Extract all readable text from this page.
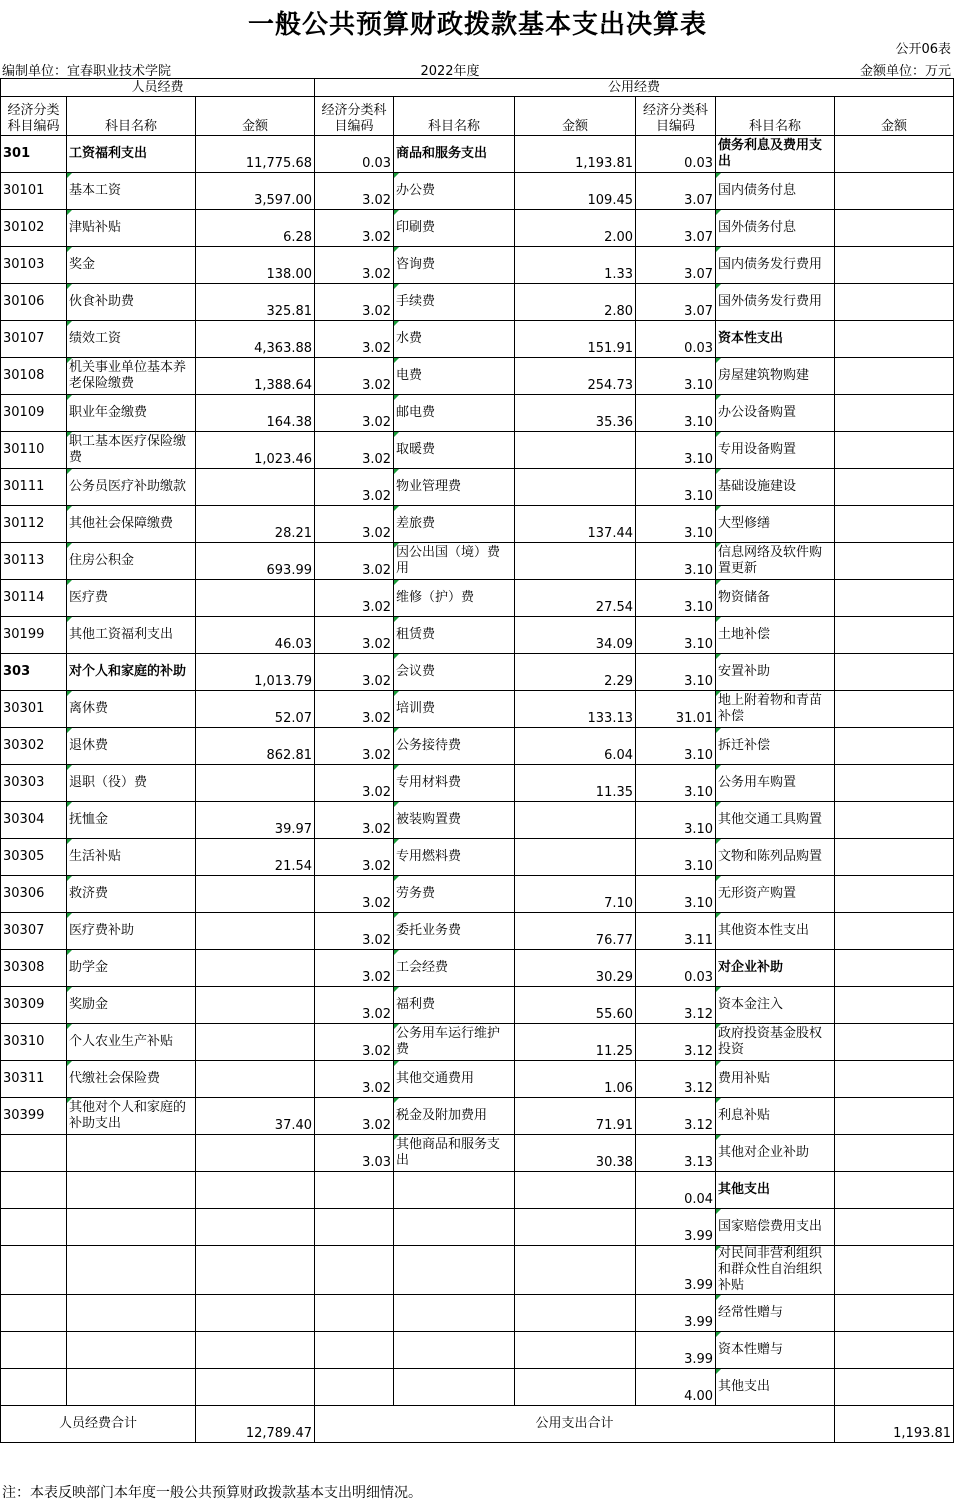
一般公共预算财政拨款基本支出决算表
公开06表
编制单位：宜春职业技术学院	2022年度	金额单位：万元
人员经费			公用经费					
经济分类科目编码	科目名称	金额	经济分类科目编码	科目名称	金额	经济分类科目编码	科目名称	金额
301	工资福利支出	11,775.68	0.03	商品和服务支出	1,193.81	0.03	债务利息及费用支出	
30101	基本工资	3,597.00	3.02	办公费	109.45	3.07	国内债务付息	
30102	津贴补贴	6.28	3.02	印刷费	2.00	3.07	国外债务付息	
30103	奖金	138.00	3.02	咨询费	1.33	3.07	国内债务发行费用	
30106	伙食补助费	325.81	3.02	手续费	2.80	3.07	国外债务发行费用	
30107	绩效工资	4,363.88	3.02	水费	151.91	0.03	资本性支出	
30108	机关事业单位基本养老保险缴费	1,388.64	3.02	电费	254.73	3.10	房屋建筑物购建	
30109	职业年金缴费	164.38	3.02	邮电费	35.36	3.10	办公设备购置	
30110	职工基本医疗保险缴费	1,023.46	3.02	取暖费		3.10	专用设备购置	
30111	公务员医疗补助缴款		3.02	物业管理费		3.10	基础设施建设	
30112	其他社会保障缴费	28.21	3.02	差旅费	137.44	3.10	大型修缮	
30113	住房公积金	693.99	3.02	因公出国（境）费用		3.10	信息网络及软件购置更新	
30114	医疗费		3.02	维修（护）费	27.54	3.10	物资储备	
30199	其他工资福利支出	46.03	3.02	租赁费	34.09	3.10	土地补偿	
303	对个人和家庭的补助	1,013.79	3.02	会议费	2.29	3.10	安置补助	
30301	离休费	52.07	3.02	培训费	133.13	31.01	地上附着物和青苗补偿	
30302	退休费	862.81	3.02	公务接待费	6.04	3.10	拆迁补偿	
30303	退职（役）费		3.02	专用材料费	11.35	3.10	公务用车购置	
30304	抚恤金	39.97	3.02	被装购置费		3.10	其他交通工具购置	
30305	生活补贴	21.54	3.02	专用燃料费		3.10	文物和陈列品购置	
30306	救济费		3.02	劳务费	7.10	3.10	无形资产购置	
30307	医疗费补助		3.02	委托业务费	76.77	3.11	其他资本性支出	
30308	助学金		3.02	工会经费	30.29	0.03	对企业补助	
30309	奖励金		3.02	福利费	55.60	3.12	资本金注入	
30310	个人农业生产补贴		3.02	公务用车运行维护费	11.25	3.12	政府投资基金股权投资	
30311	代缴社会保险费		3.02	其他交通费用	1.06	3.12	费用补贴	
30399	其他对个人和家庭的补助支出	37.40	3.02	税金及附加费用	71.91	3.12	利息补贴	
			3.03	其他商品和服务支出	30.38	3.13	其他对企业补助	
						0.04	其他支出	
						3.99	国家赔偿费用支出	
						3.99	对民间非营利组织和群众性自治组织补贴	
						3.99	经常性赠与	
						3.99	资本性赠与	
						4.00	其他支出	
人员经费合计		12,789.47	公用支出合计					1,193.81
注：本表反映部门本年度一般公共预算财政拨款基本支出明细情况。
